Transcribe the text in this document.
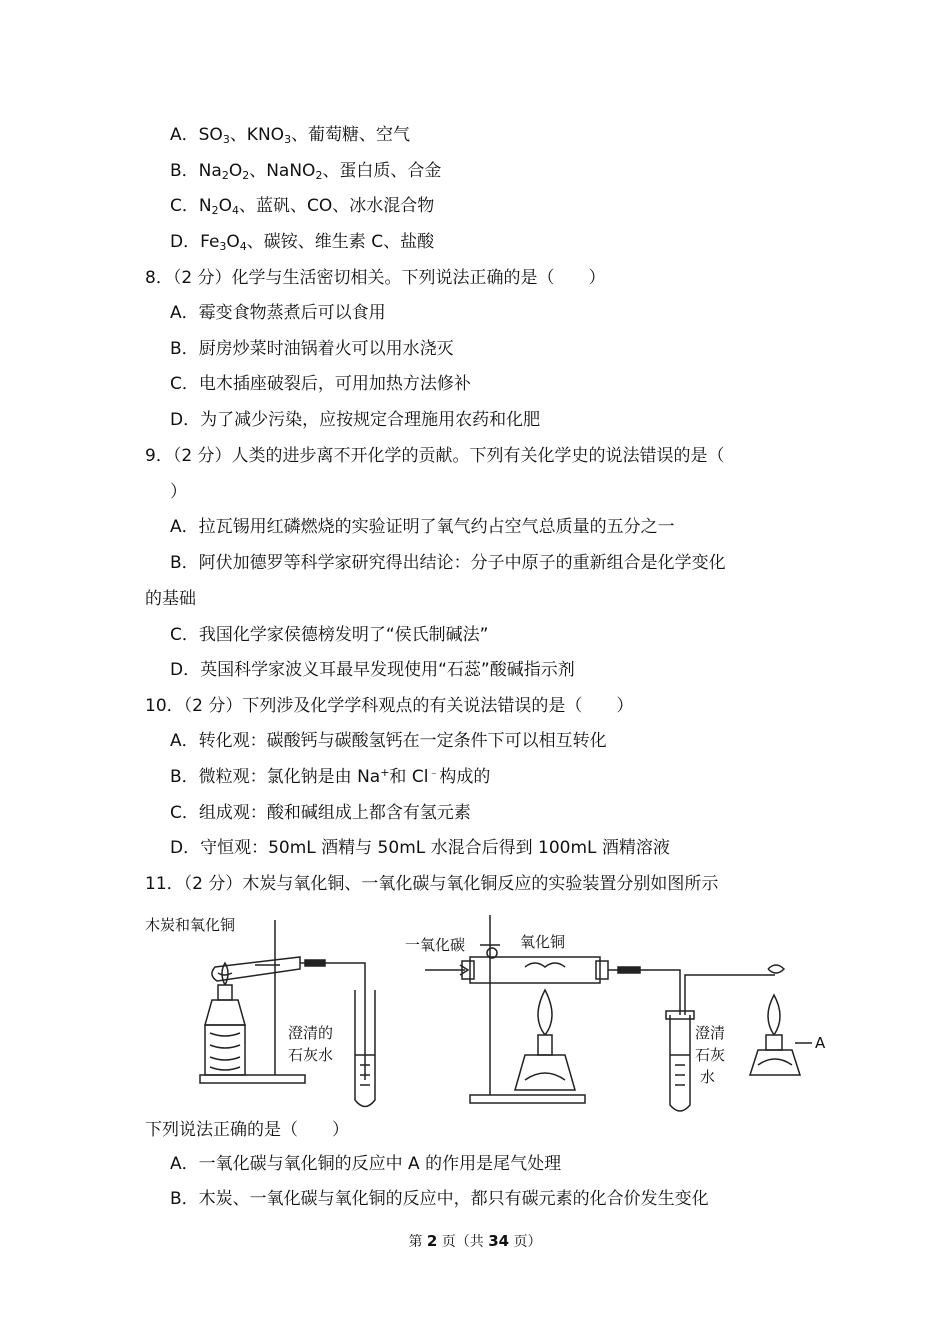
A．$SO_3$、$KNO_3$、葡萄糖、空气
B．$Na_2O_2$、NaNO$_2$、蛋白质、合金
C．$N_2O_4$、蓝矾、CO、冰水混合物
D．$Fe_3O_4$、碳铵、维生素 C、盐酸
8．（2 分）化学与生活密切相关。下列说法正确的是（　　）
A．霉变食物蒸煮后可以食用
B．厨房炒菜时油锅着火可以用水浇灭
C．电木插座破裂后，可用加热方法修补
D．为了减少污染，应按规定合理施用农药和化肥
9．（2 分）人类的进步离不开化学的贡献。下列有关化学史的说法错误的是（
）
A．拉瓦锡用红磷燃烧的实验证明了氧气约占空气总质量的五分之一
B．阿伏加德罗等科学家研究得出结论：分子中原子的重新组合是化学变化
的基础
C．我国化学家侯德榜发明了“侯氏制碱法”
D．英国科学家波义耳最早发现使用“石蕊”酸碱指示剂
10．（2 分）下列涉及化学学科观点的有关说法错误的是（　　）
A．转化观：碳酸钙与碳酸氢钙在一定条件下可以相互转化
B．微粒观：氯化钠是由 Na+和 Cl﹣构成的
C．组成观：酸和碱组成上都含有氢元素
D．守恒观：50mL 酒精与 50mL 水混合后得到 100mL 酒精溶液
11．（2 分）木炭与氧化铜、一氧化碳与氧化铜反应的实验装置分别如图所示
木炭和氧化铜
澄清的
石灰水
一氧化碳	氧化铜
澄清
石灰
水
A
下列说法正确的是（　　）
A．一氧化碳与氧化铜的反应中 A 的作用是尾气处理
B．木炭、一氧化碳与氧化铜的反应中，都只有碳元素的化合价发生变化
第 2 页（共 34 页）
